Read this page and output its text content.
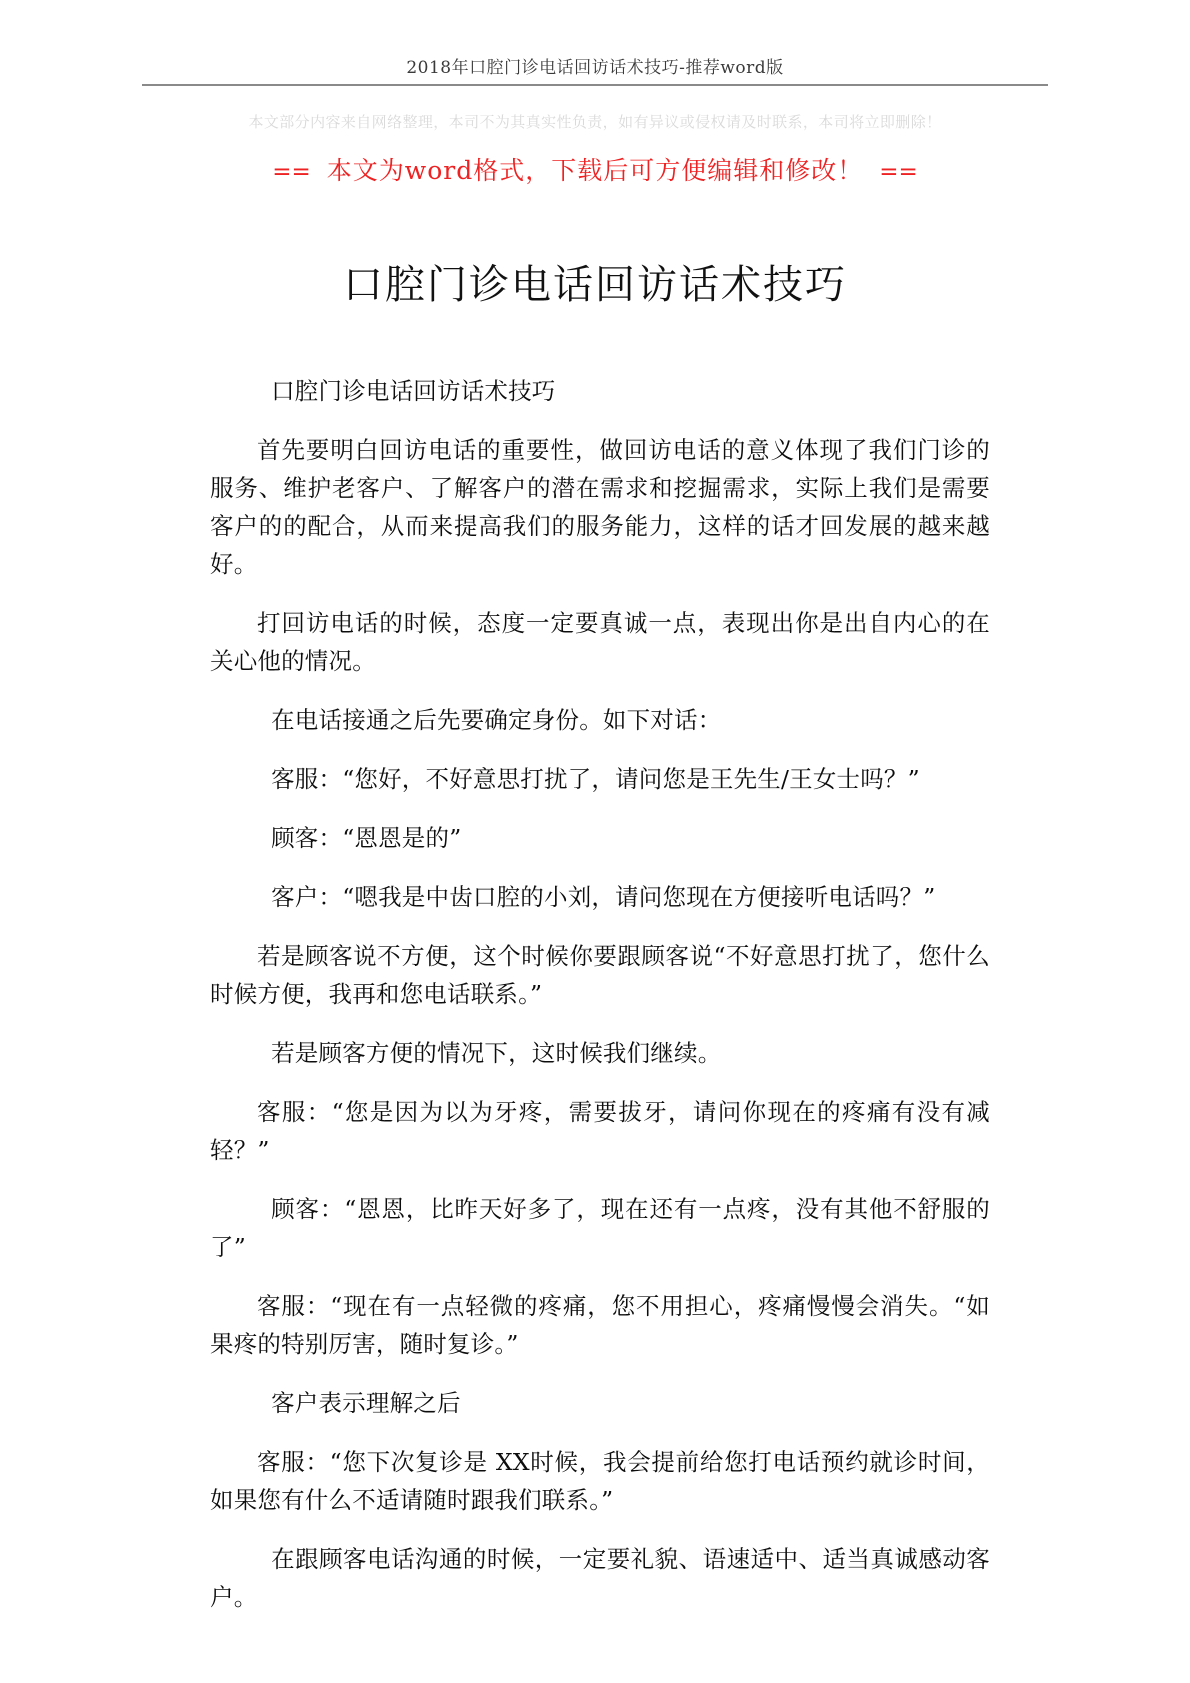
2018年口腔门诊电话回访话术技巧-推荐word版
本文部分内容来自网络整理，本司不为其真实性负责，如有异议或侵权请及时联系，本司将立即删除！
== 本文为word格式，下载后可方便编辑和修改！ ==
口腔门诊电话回访话术技巧

口腔门诊电话回访话术技巧

首先要明白回访电话的重要性，做回访电话的意义体现了我们门诊的服务、维护老客户、了解客户的潜在需求和挖掘需求，实际上我们是需要客户的的配合，从而来提高我们的服务能力，这样的话才回发展的越来越好。

打回访电话的时候，态度一定要真诚一点，表现出你是出自内心的在关心他的情况。

在电话接通之后先要确定身份。如下对话：

客服：“您好，不好意思打扰了，请问您是王先生/王女士吗？”

顾客：“恩恩是的”

客户：“嗯我是中齿口腔的小刘，请问您现在方便接听电话吗？”

若是顾客说不方便，这个时候你要跟顾客说“不好意思打扰了，您什么时候方便，我再和您电话联系。”

若是顾客方便的情况下，这时候我们继续。

客服：“您是因为以为牙疼，需要拔牙，请问你现在的疼痛有没有减轻？”

顾客：“恩恩，比昨天好多了，现在还有一点疼，没有其他不舒服的了”

客服：“现在有一点轻微的疼痛，您不用担心，疼痛慢慢会消失。“如果疼的特别厉害，随时复诊。”

客户表示理解之后

客服：“您下次复诊是 XX时候，我会提前给您打电话预约就诊时间，如果您有什么不适请随时跟我们联系。”

在跟顾客电话沟通的时候，一定要礼貌、语速适中、适当真诚感动客户。
